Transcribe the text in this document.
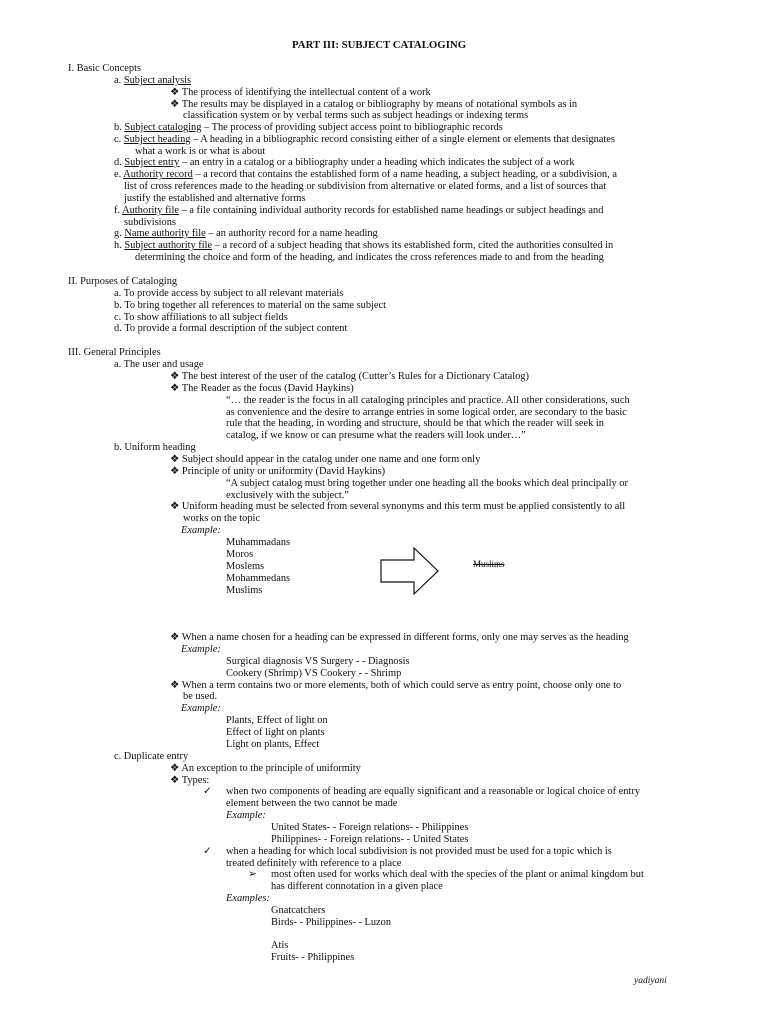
PART III: SUBJECT CATALOGING
yadiyani
I. Basic Concepts
a. Subject analysis
❖ The process of identifying the intellectual content of a work
❖ The results may be displayed in a catalog or bibliography by means of notational symbols as in
classification system or by verbal terms such as subject headings or indexing terms
b. Subject cataloging – The process of providing subject access point to bibliographic records
c. Subject heading – A heading in a bibliographic record consisting either of a single element or elements that designates
what a work is or what is about
d. Subject entry – an entry in a catalog or a bibliography under a heading which indicates the subject of a work
e. Authority record – a record that contains the established form of a name heading, a subject heading, or a subdivision, a
list of cross references made to the heading or subdivision from alternative or elated forms, and a list of sources that
justify the established and alternative forms
f. Authority file – a file containing individual authority records for established name headings or subject headings and
subdivisions
g. Name authority file – an authority record for a name heading
h. Subject authority file – a record of a subject heading that shows its established form, cited the authorities consulted in
determining the choice and form of the heading, and indicates the cross references made to and from the heading
II. Purposes of Cataloging
a. To provide access by subject to all relevant materials
b. To bring together all references to material on the same subject
c. To show affiliations to all subject fields
d. To provide a formal description of the subject content
III. General Principles
a. The user and usage
❖ The best interest of the user of the catalog (Cutter’s Rules for a Dictionary Catalog)
❖ The Reader as the focus (David Haykins)
“… the reader is the focus in all cataloging principles and practice. All other considerations, such
as convenience and the desire to arrange entries in some logical order, are secondary to the basic
rule that the heading, in wording and structure, should be that which the reader will seek in
catalog, if we know or can presume what the readers will look under…”
b. Uniform heading
❖ Subject should appear in the catalog under one name and one form only
❖ Principle of unity or uniformity (David Haykins)
“A subject catalog must bring together under one heading all the books which deal principally or
exclusively with the subject.”
❖ Uniform heading must be selected from several synonyms and this term must be applied consistently to all
works on the topic
Example:
Muhammadans
Moros
Moslems
Mohammedans
Muslims
Muslims
❖ When a name chosen for a heading can be expressed in different forms, only one may serves as the heading
Example:
Surgical diagnosis VS Surgery - - Diagnosis
Cookery (Shrimp) VS Cookery - - Shrimp
❖ When a term contains two or more elements, both of which could serve as entry point, choose only one to
be used.
Example:
Plants, Effect of light on
Effect of light on plants
Light on plants, Effect
c. Duplicate entry
❖ An exception to the principle of uniformity
❖ Types:
✓ when two components of heading are equally significant and a reasonable or logical choice of entry
element between the two cannot be made
Example:
United States- - Foreign relations- - Philippines
Philippines- - Foreign relations- - United States
✓ when a heading for which local subdivision is not provided must be used for a topic which is
treated definitely with reference to a place
➢ most often used for works which deal with the species of the plant or animal kingdom but
has different connotation in a given place
Examples:
Gnatcatchers
Birds- - Philippines- - Luzon
Atis
Fruits- - Philippines
